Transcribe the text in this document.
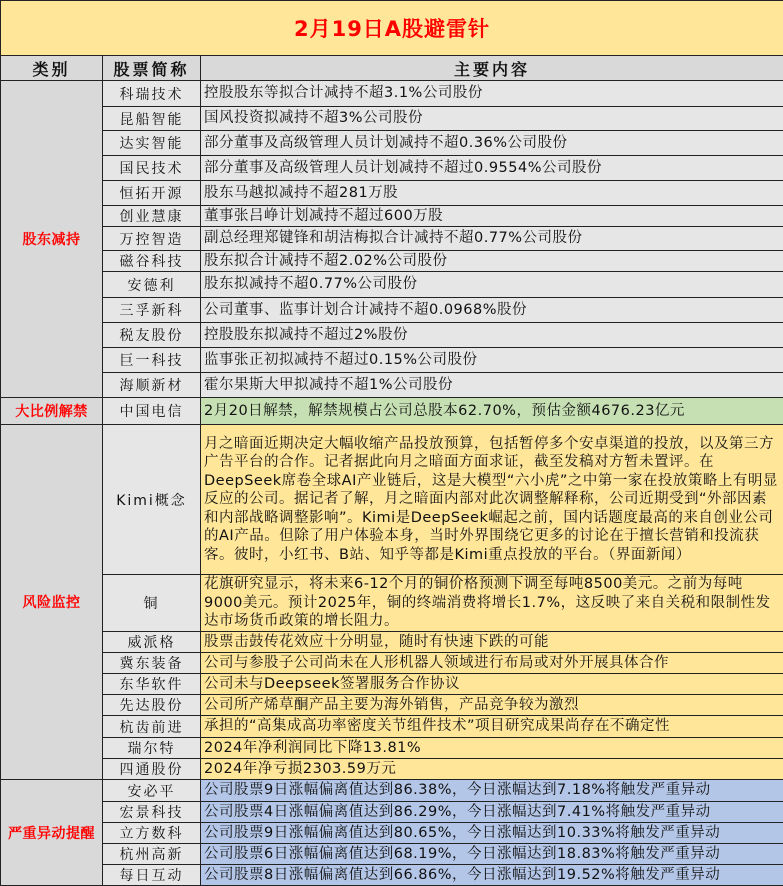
2月19日A股避雷针		
类别	股票简称	主要内容
股东减持	科瑞技术	控股股东等拟合计减持不超3.1%公司股份
	昆船智能	国风投资拟减持不超3%公司股份
	达实智能	部分董事及高级管理人员计划减持不超0.36%公司股份
	国民技术	部分董事及高级管理人员计划减持不超过0.9554%公司股份
	恒拓开源	股东马越拟减持不超281万股
	创业慧康	董事张吕峥计划减持不超过600万股
	万控智造	副总经理郑键锋和胡洁梅拟合计减持不超0.77%公司股份
	磁谷科技	股东拟合计减持不超2.02%公司股份
	安德利	股东拟减持不超0.77%公司股份
	三孚新科	公司董事、监事计划合计减持不超0.0968%股份
	税友股份	控股股东拟减持不超过2%股份
	巨一科技	监事张正初拟减持不超过0.15%公司股份
	海顺新材	霍尔果斯大甲拟减持不超1%公司股份
大比例解禁	中国电信	2月20日解禁，解禁规模占公司总股本62.70%，预估金额4676.23亿元
风险监控	Kimi概念	月之暗面近期决定大幅收缩产品投放预算，包括暂停多个安卓渠道的投放，以及第三方广告平台的合作。记者据此向月之暗面方面求证，截至发稿对方暂未置评。在DeepSeek席卷全球AI产业链后，这是大模型“六小虎”之中第一家在投放策略上有明显反应的公司。据记者了解，月之暗面内部对此次调整解释称，公司近期受到“外部因素和内部战略调整影响”。Kimi是DeepSeek崛起之前，国内话题度最高的来自创业公司的AI产品。但除了用户体验本身，当时外界围绕它更多的讨论在于擅长营销和投流获客。彼时，小红书、B站、知乎等都是Kimi重点投放的平台。（界面新闻）
	铜	花旗研究显示，将未来6-12个月的铜价格预测下调至每吨8500美元。之前为每吨9000美元。预计2025年，铜的终端消费将增长1.7%，这反映了来自关税和限制性发达市场货币政策的增长阻力。
	威派格	股票击鼓传花效应十分明显，随时有快速下跌的可能
	冀东装备	公司与参股子公司尚未在人形机器人领域进行布局或对外开展具体合作
	东华软件	公司未与Deepseek签署服务合作协议
	先达股份	公司所产烯草酮产品主要为海外销售，产品竞争较为激烈
	杭齿前进	承担的“高集成高功率密度关节组件技术”项目研究成果尚存在不确定性
	瑞尔特	2024年净利润同比下降13.81%
	四通股份	2024年净亏损2303.59万元
严重异动提醒	安必平	公司股票9日涨幅偏离值达到86.38%，今日涨幅达到7.18%将触发严重异动
	宏景科技	公司股票4日涨幅偏离值达到86.29%，今日涨幅达到7.41%将触发严重异动
	立方数科	公司股票9日涨幅偏离值达到80.65%，今日涨幅达到10.33%将触发严重异动
	杭州高新	公司股票6日涨幅偏离值达到68.19%，今日涨幅达到18.83%将触发严重异动
	每日互动	公司股票8日涨幅偏离值达到66.86%，今日涨幅达到19.52%将触发严重异动
